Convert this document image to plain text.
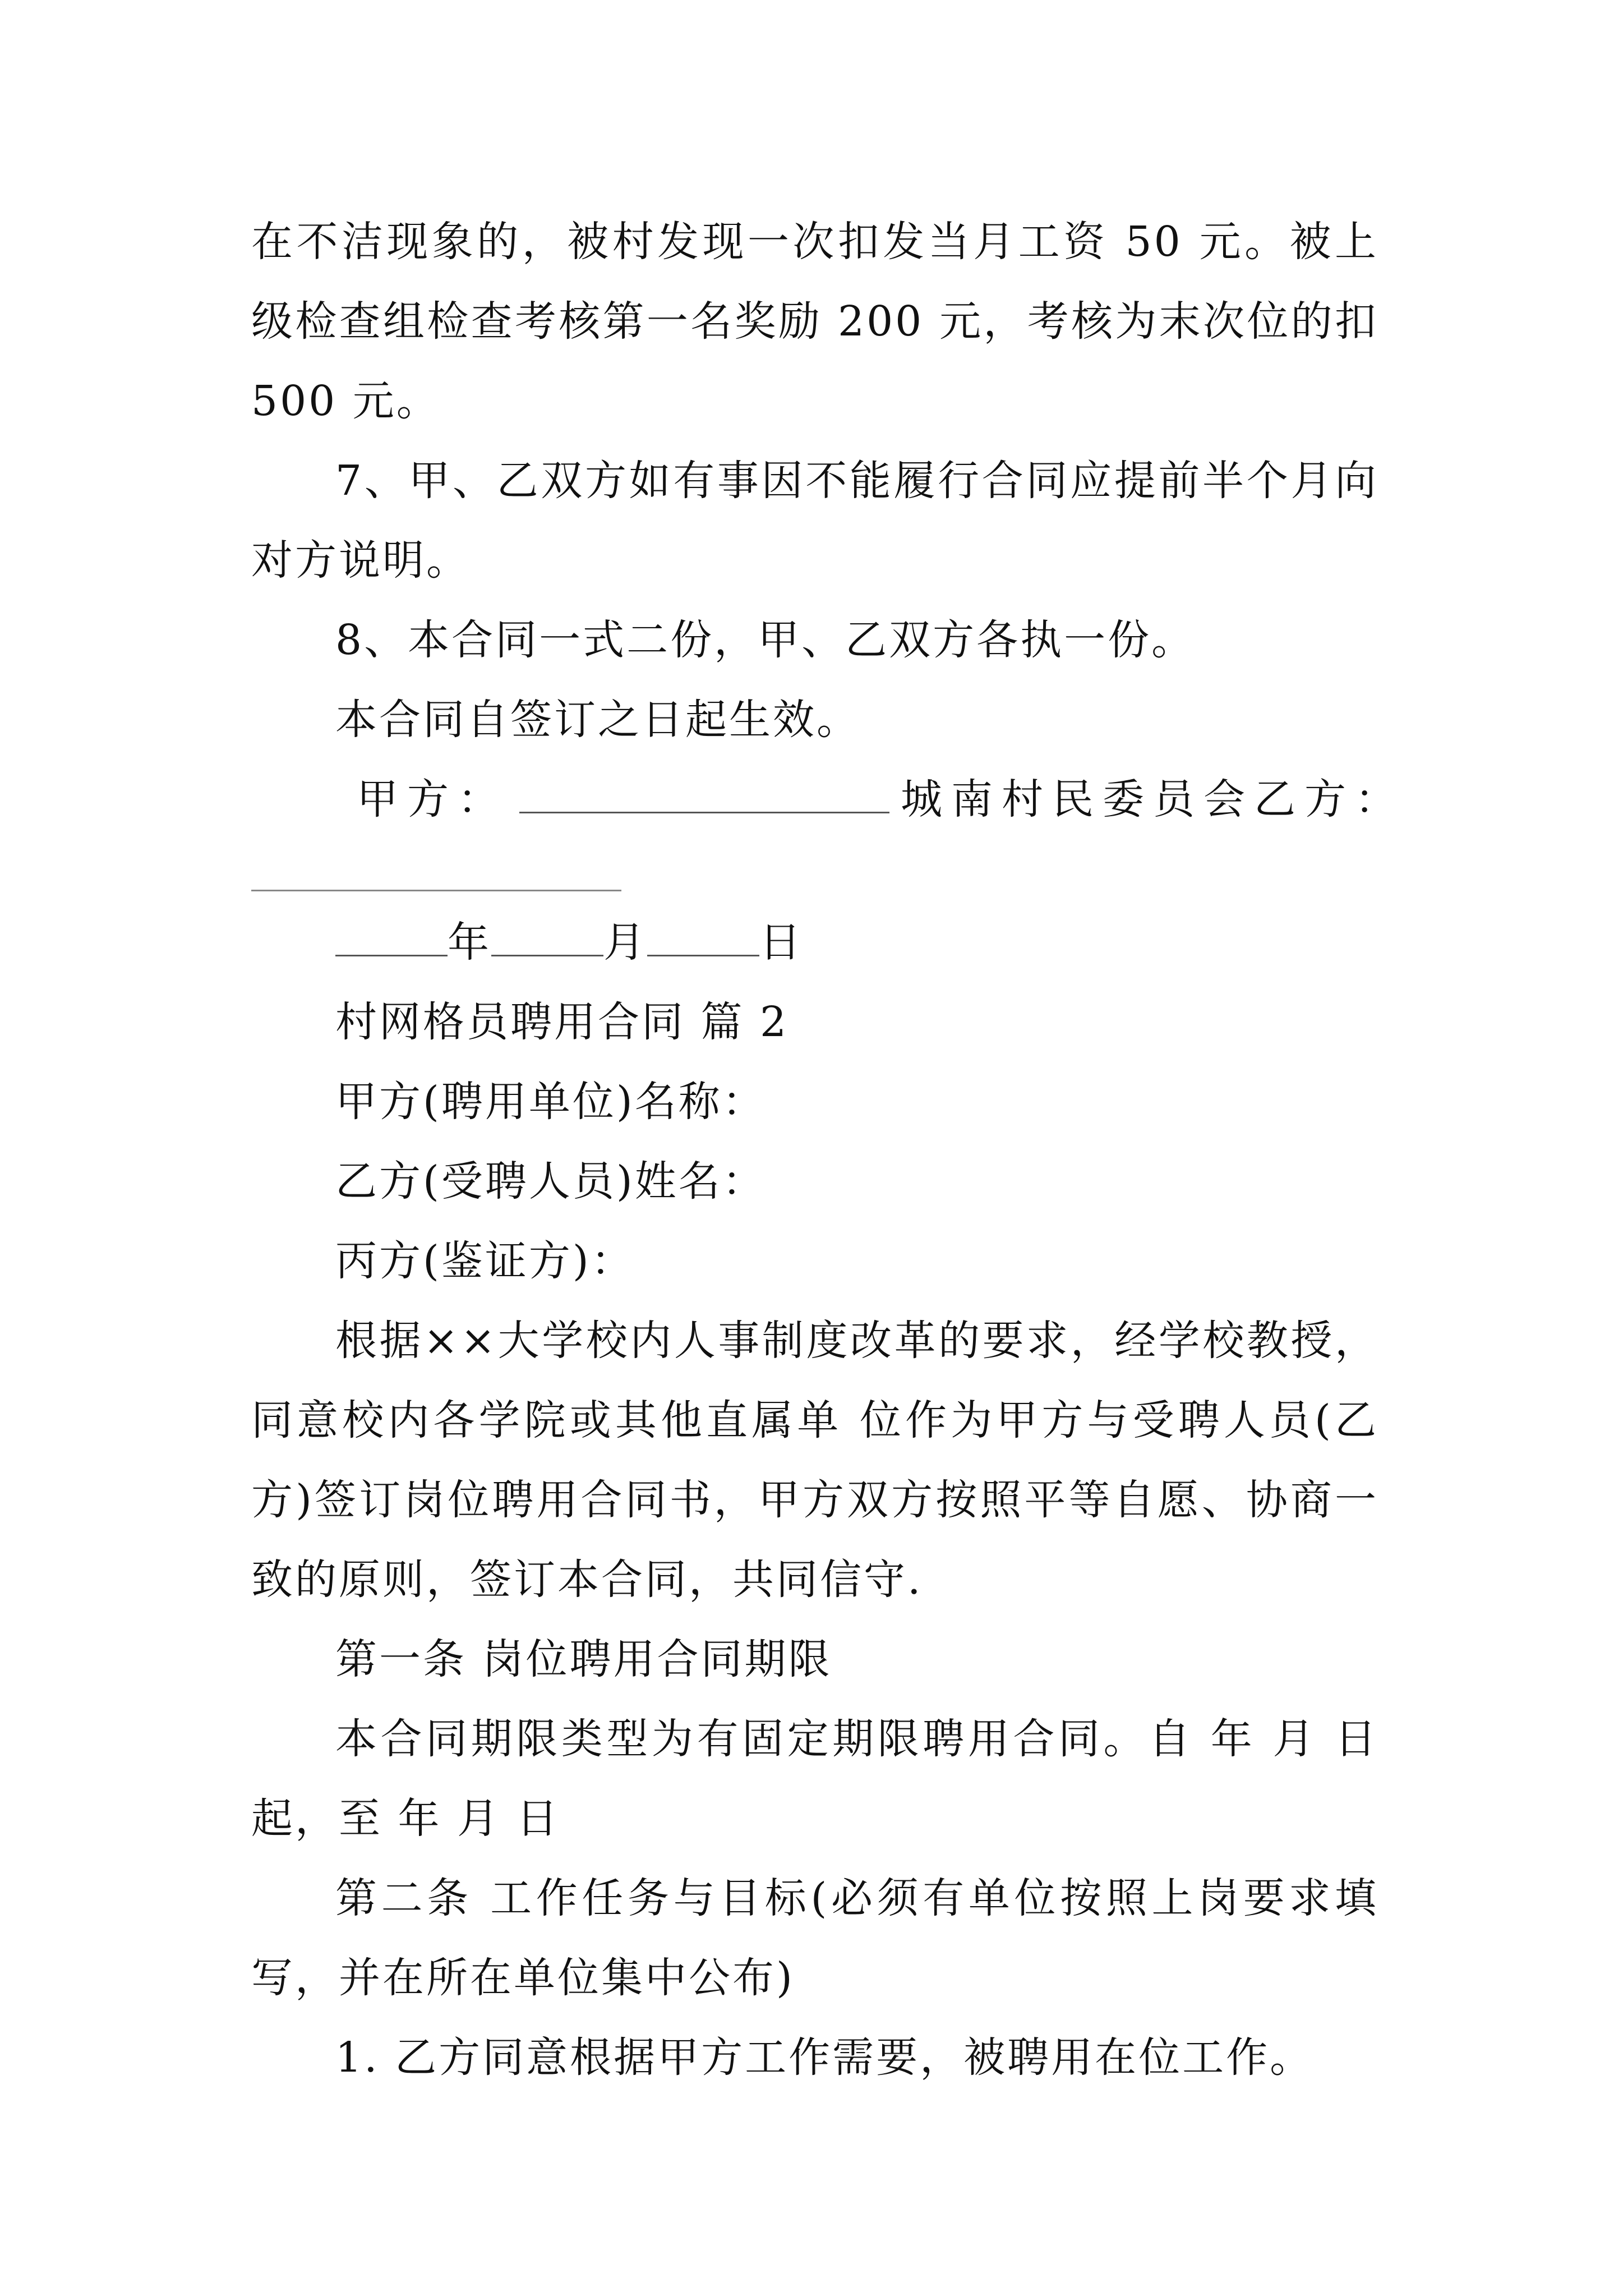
在不洁现象的，被村发现一次扣发当月工资 50 元。被上级检查组检查考核第一名奖励 200 元，考核为末次位的扣 500 元。

7、甲、乙双方如有事因不能履行合同应提前半个月向对方说明。

8、本合同一式二份，甲、乙双方各执一份。

本合同自签订之日起生效。

甲方：	城南村民委员会乙方：
年	月	日

村网格员聘用合同 篇 2

甲方(聘用单位)名称：

乙方(受聘人员)姓名：

丙方(鉴证方)：

根据××大学校内人事制度改革的要求，经学校教授，同意校内各学院或其他直属单 位作为甲方与受聘人员(乙方)签订岗位聘用合同书，甲方双方按照平等自愿、协商一致的原则，签订本合同，共同信守.

第一条 岗位聘用合同期限

本合同期限类型为有固定期限聘用合同。自 年 月 日起，至 年 月 日

第二条 工作任务与目标(必须有单位按照上岗要求填写，并在所在单位集中公布)

1. 乙方同意根据甲方工作需要，被聘用在位工作。
